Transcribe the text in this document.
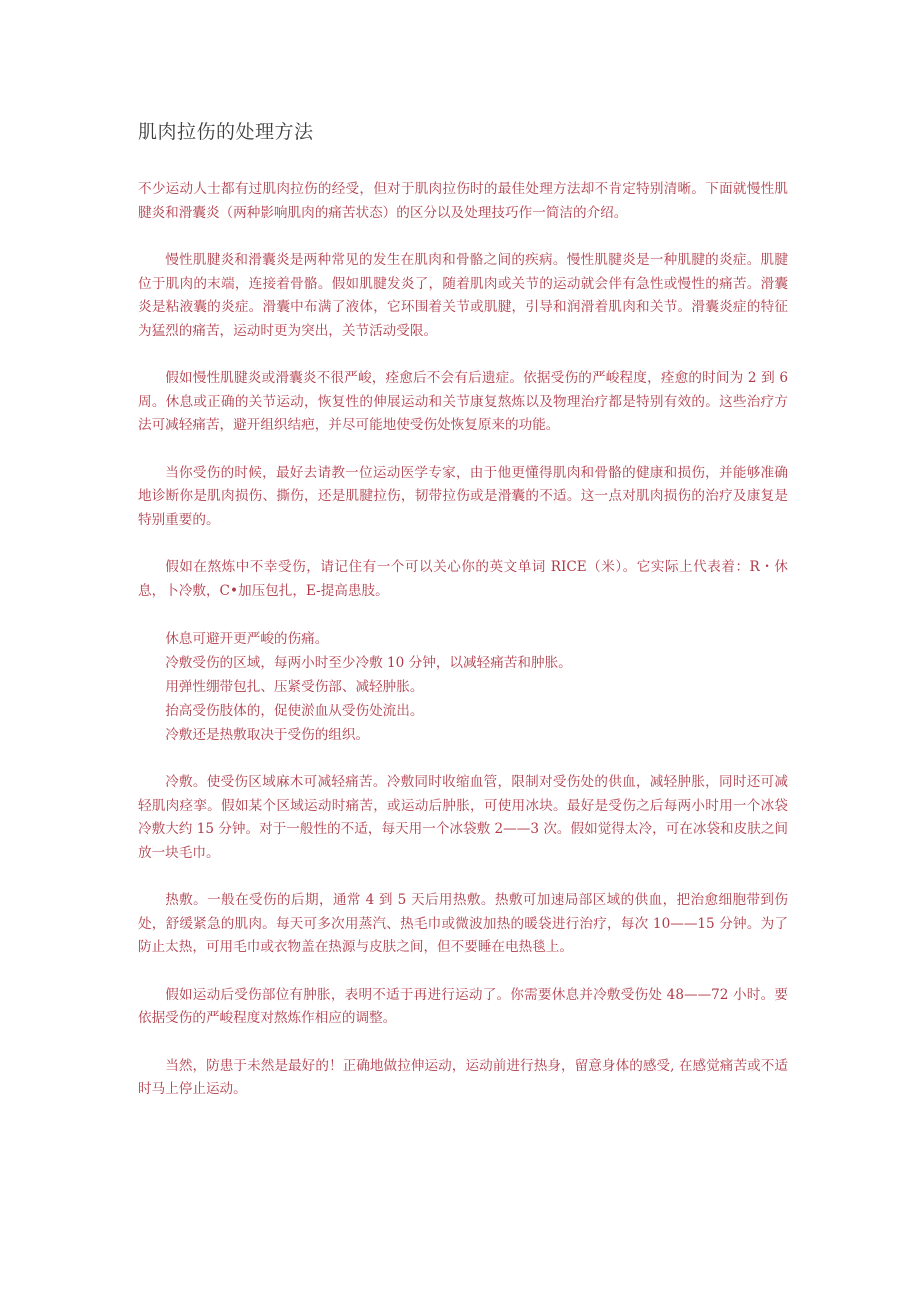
肌肉拉伤的处理方法

不少运动人士都有过肌肉拉伤的经受，但对于肌肉拉伤时的最佳处理方法却不肯定特别清晰。下面就慢性肌腱炎和滑囊炎（两种影响肌肉的痛苦状态）的区分以及处理技巧作一简洁的介绍。

慢性肌腱炎和滑囊炎是两种常见的发生在肌肉和骨骼之间的疾病。慢性肌腱炎是一种肌腱的炎症。肌腱位于肌肉的末端，连接着骨骼。假如肌腱发炎了，随着肌肉或关节的运动就会伴有急性或慢性的痛苦。滑囊炎是粘液囊的炎症。滑囊中布满了液体，它环围着关节或肌腱，引导和润滑着肌肉和关节。滑囊炎症的特征为猛烈的痛苦，运动时更为突出，关节活动受限。

假如慢性肌腱炎或滑囊炎不很严峻，痊愈后不会有后遗症。依据受伤的严峻程度，痊愈的时间为 2 到 6 周。休息或正确的关节运动，恢复性的伸展运动和关节康复熬炼以及物理治疗都是特别有效的。这些治疗方法可减轻痛苦，避开组织结疤，并尽可能地使受伤处恢复原来的功能。

当你受伤的时候，最好去请教一位运动医学专家，由于他更懂得肌肉和骨骼的健康和损伤，并能够准确地诊断你是肌肉损伤、撕伤，还是肌腱拉伤，韧带拉伤或是滑囊的不适。这一点对肌肉损伤的治疗及康复是特别重要的。

假如在熬炼中不幸受伤，请记住有一个可以关心你的英文单词 RICE（米）。它实际上代表着：R・休息，卜冷敷，C•加压包扎，E-提高患肢。

休息可避开更严峻的伤痛。
冷敷受伤的区域，每两小时至少冷敷 10 分钟，以减轻痛苦和肿胀。
用弹性绷带包扎、压紧受伤部、减轻肿胀。
抬高受伤肢体的，促使淤血从受伤处流出。
冷敷还是热敷取决于受伤的组织。

冷敷。使受伤区域麻木可减轻痛苦。冷敷同时收缩血管，限制对受伤处的供血，减轻肿胀，同时还可减轻肌肉痉挛。假如某个区域运动时痛苦，或运动后肿胀，可使用冰块。最好是受伤之后每两小时用一个冰袋冷敷大约 15 分钟。对于一般性的不适，每天用一个冰袋敷 2——3 次。假如觉得太冷，可在冰袋和皮肤之间放一块毛巾。

热敷。一般在受伤的后期，通常 4 到 5 天后用热敷。热敷可加速局部区域的供血，把治愈细胞带到伤处，舒缓紧急的肌肉。每天可多次用蒸汽、热毛巾或微波加热的暖袋进行治疗，每次 10——15 分钟。为了防止太热，可用毛巾或衣物盖在热源与皮肤之间，但不要睡在电热毯上。

假如运动后受伤部位有肿胀，表明不适于再进行运动了。你需要休息并冷敷受伤处 48——72 小时。要依据受伤的严峻程度对熬炼作相应的调整。

当然，防患于未然是最好的！正确地做拉伸运动，运动前进行热身，留意身体的感受, 在感觉痛苦或不适时马上停止运动。
